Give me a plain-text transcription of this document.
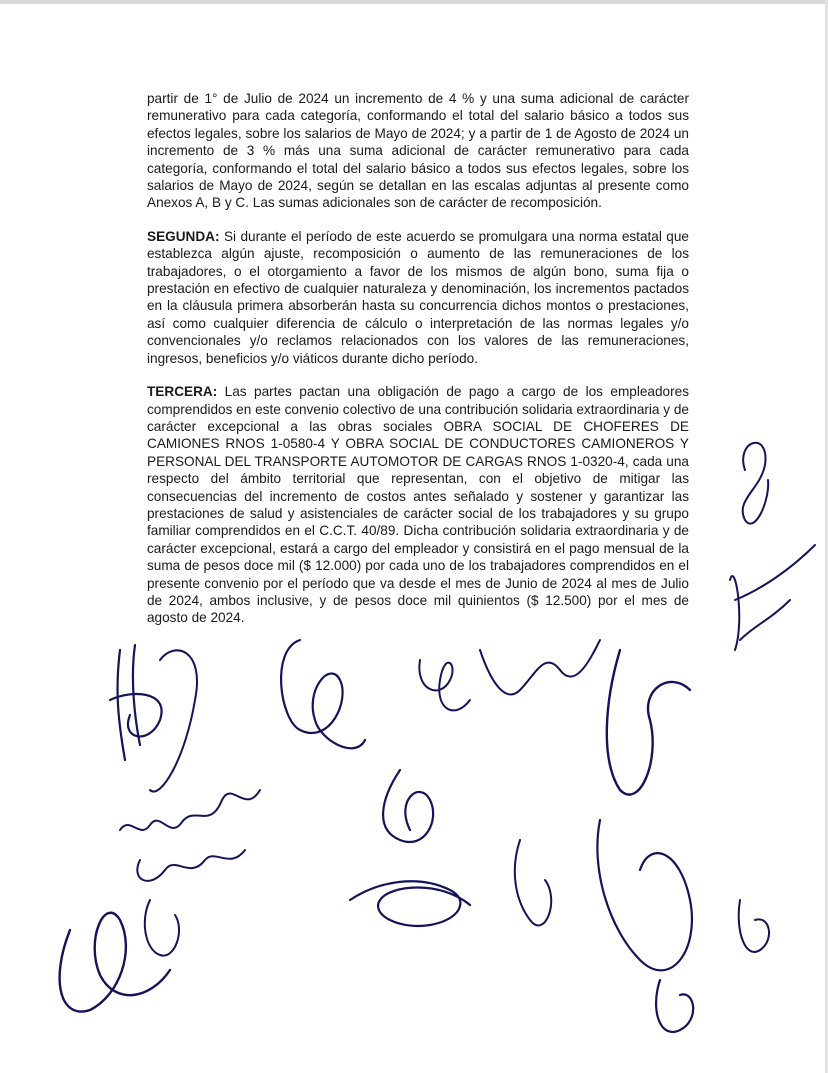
partir de 1° de Julio de 2024 un incremento de 4 % y una suma adicional de carácter remunerativo para cada categoría, conformando el total del salario básico a todos sus efectos legales, sobre los salarios de Mayo de 2024; y a partir de 1 de Agosto de 2024 un incremento de 3 % más una suma adicional de carácter remunerativo para cada categoría, conformando el total del salario básico a todos sus efectos legales, sobre los salarios de Mayo de 2024, según se detallan en las escalas adjuntas al presente como Anexos A, B y C. Las sumas adicionales son de carácter de recomposición.

SEGUNDA: Si durante el período de este acuerdo se promulgara una norma estatal que establezca algún ajuste, recomposición o aumento de las remuneraciones de los trabajadores, o el otorgamiento a favor de los mismos de algún bono, suma fija o prestación en efectivo de cualquier naturaleza y denominación, los incrementos pactados en la cláusula primera absorberán hasta su concurrencia dichos montos o prestaciones, así como cualquier diferencia de cálculo o interpretación de las normas legales y/o convencionales y/o reclamos relacionados con los valores de las remuneraciones, ingresos, beneficios y/o viáticos durante dicho período.

TERCERA: Las partes pactan una obligación de pago a cargo de los empleadores comprendidos en este convenio colectivo de una contribución solidaria extraordinaria y de carácter excepcional a las obras sociales OBRA SOCIAL DE CHOFERES DE CAMIONES RNOS 1-0580-4 Y OBRA SOCIAL DE CONDUCTORES CAMIONEROS Y PERSONAL DEL TRANSPORTE AUTOMOTOR DE CARGAS RNOS 1-0320-4, cada una respecto del ámbito territorial que representan, con el objetivo de mitigar las consecuencias del incremento de costos antes señalado y sostener y garantizar las prestaciones de salud y asistenciales de carácter social de los trabajadores y su grupo familiar comprendidos en el C.C.T. 40/89. Dicha contribución solidaria extraordinaria y de carácter excepcional, estará a cargo del empleador y consistirá en el pago mensual de la suma de pesos doce mil ($ 12.000) por cada uno de los trabajadores comprendidos en el presente convenio por el período que va desde el mes de Junio de 2024 al mes de Julio de 2024, ambos inclusive, y de pesos doce mil quinientos ($ 12.500) por el mes de agosto de 2024.
